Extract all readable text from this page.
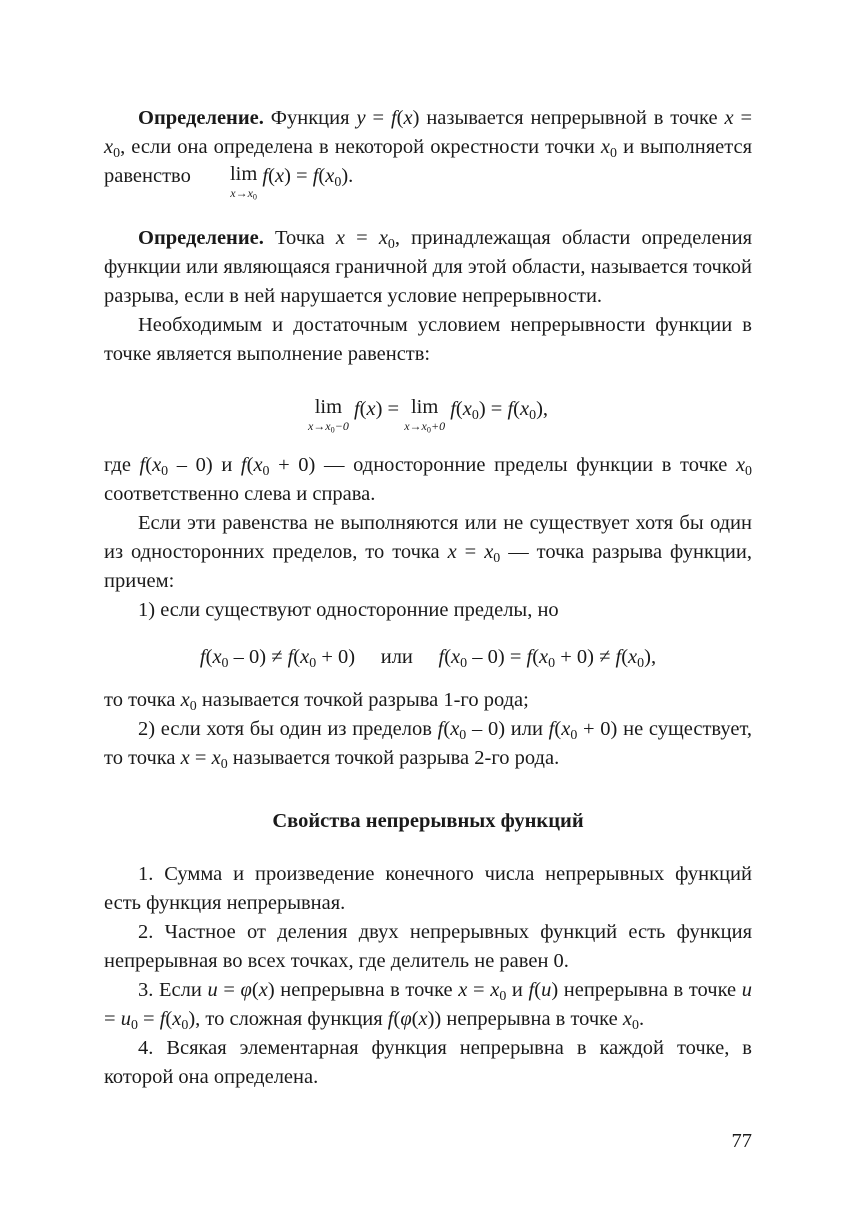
Определение. Функция y = f(x) называется непрерывной в точке $x = x_0$, если она определена в некоторой окрестности точки $x_0$ и выполняется равенство	lim
$x\to x_0$
$f(x) = f(x_0)$.

Определение. Точка $x = x_0$, принадлежащая области определения функции или являющаяся граничной для этой области, называется точкой разрыва, если в ней нарушается условие непрерывности.

Необходимым и достаточным условием непрерывности функции в точке является выполнение равенств:

lim
$x\to x_0-0$
f(x) = lim
$x\to x_0+0$
$f(x_0) = f(x_0)$,

где $f(x_0 - 0)$ и $f(x_0 + 0)$ — односторонние пределы функции в точке $x_0$ соответственно слева и справа.

Если эти равенства не выполняются или не существует хотя бы один из односторонних пределов, то точка $x = x_0$ — точка разрыва функции, причем:

1) если существуют односторонние пределы, но

$f(x_0 - 0) \ne f(x_0 + 0)$     или $f(x_0 - 0) = f(x_0 + 0) \ne f(x_0)$,

то точка $x_0$ называется точкой разрыва 1-го рода;

2) если хотя бы один из пределов $f(x_0 - 0)$ или $f(x_0 + 0)$ не существует, то точка $x = x_0$ называется точкой разрыва 2-го рода.

Свойства непрерывных функций

1. Сумма и произведение конечного числа непрерывных функций есть функция непрерывная.

2. Частное от деления двух непрерывных функций есть функция непрерывная во всех точках, где делитель не равен 0.

3. Если u = φ(x) непрерывна в точке $x = x_0$ и f(u) непрерывна в точке $u = u_0 = f(x_0)$, то сложная функция f(φ(x)) непрерывна в точке $x_0$.

4. Всякая элементарная функция непрерывна в каждой точке, в которой она определена.

77
